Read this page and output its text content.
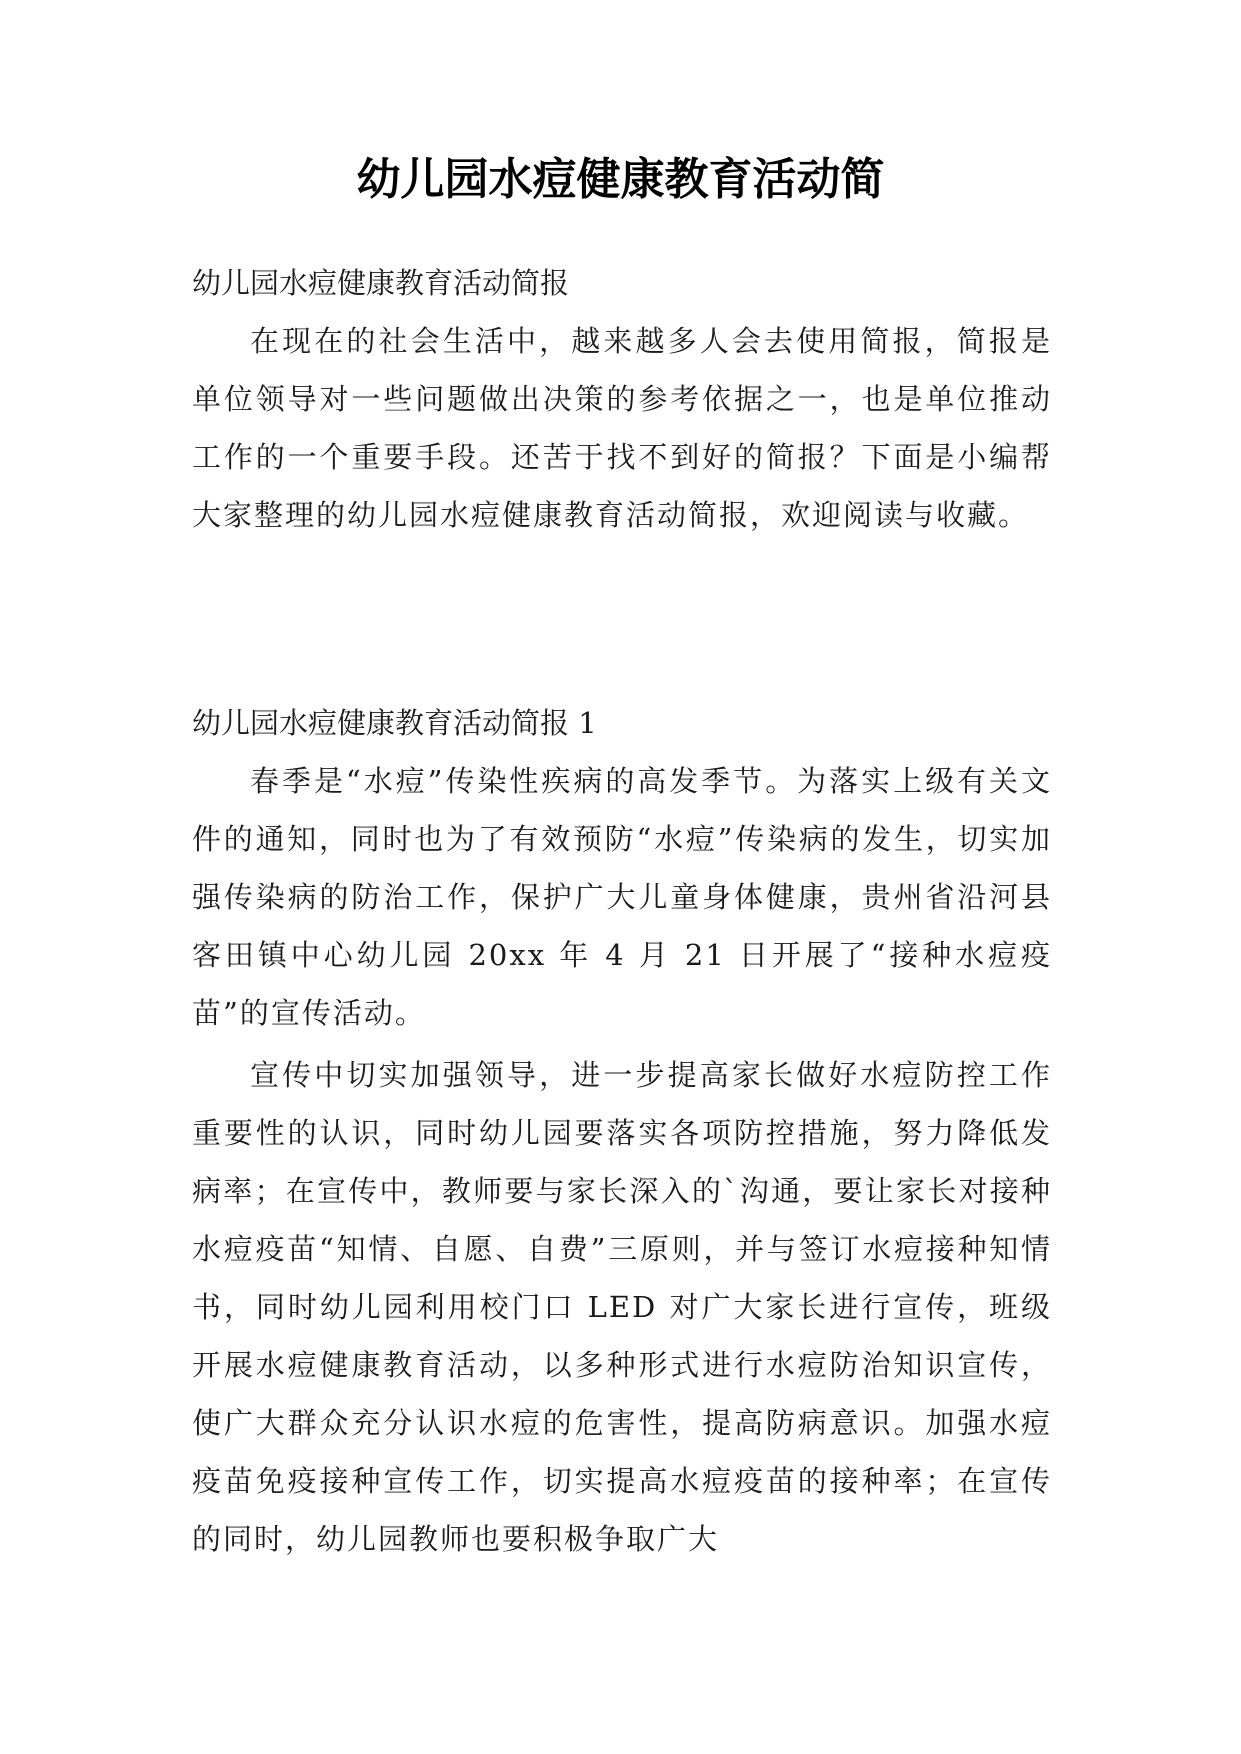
幼儿园水痘健康教育活动简

幼儿园水痘健康教育活动简报

在现在的社会生活中，越来越多人会去使用简报，简报是单位领导对一些问题做出决策的参考依据之一，也是单位推动工作的一个重要手段。还苦于找不到好的简报？下面是小编帮大家整理的幼儿园水痘健康教育活动简报，欢迎阅读与收藏。

幼儿园水痘健康教育活动简报 1

春季是“水痘”传染性疾病的高发季节。为落实上级有关文件的通知，同时也为了有效预防“水痘”传染病的发生，切实加强传染病的防治工作，保护广大儿童身体健康，贵州省沿河县客田镇中心幼儿园 20xx 年 4 月 21 日开展了“接种水痘疫苗”的宣传活动。

宣传中切实加强领导，进一步提高家长做好水痘防控工作重要性的认识，同时幼儿园要落实各项防控措施，努力降低发病率；在宣传中，教师要与家长深入的`沟通，要让家长对接种水痘疫苗“知情、自愿、自费”三原则，并与签订水痘接种知情书，同时幼儿园利用校门口 LED 对广大家长进行宣传，班级开展水痘健康教育活动，以多种形式进行水痘防治知识宣传，使广大群众充分认识水痘的危害性，提高防病意识。加强水痘疫苗免疫接种宣传工作，切实提高水痘疫苗的接种率；在宣传的同时，幼儿园教师也要积极争取广大
